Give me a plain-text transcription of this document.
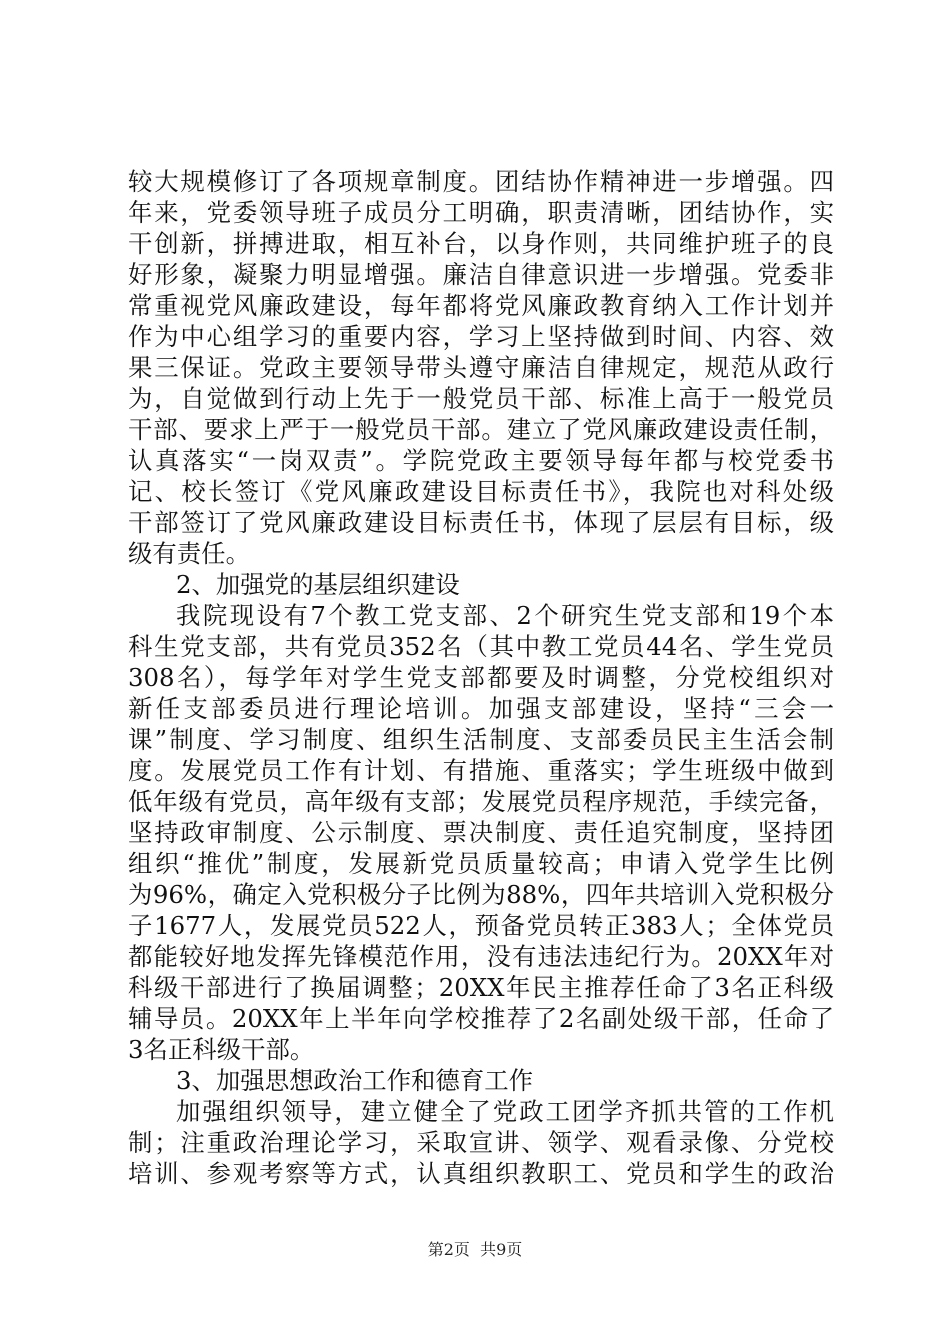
较大规模修订了各项规章制度。团结协作精神进一步增强。四
年来，党委领导班子成员分工明确，职责清晰，团结协作，实
干创新，拼搏进取，相互补台，以身作则，共同维护班子的良
好形象，凝聚力明显增强。廉洁自律意识进一步增强。党委非
常重视党风廉政建设，每年都将党风廉政教育纳入工作计划并
作为中心组学习的重要内容，学习上坚持做到时间、内容、效
果三保证。党政主要领导带头遵守廉洁自律规定，规范从政行
为，自觉做到行动上先于一般党员干部、标准上高于一般党员
干部、要求上严于一般党员干部。建立了党风廉政建设责任制，
认真落实“一岗双责”。学院党政主要领导每年都与校党委书
记、校长签订《党风廉政建设目标责任书》，我院也对科处级
干部签订了党风廉政建设目标责任书，体现了层层有目标，级
级有责任。
2、加强党的基层组织建设
我院现设有7个教工党支部、2个研究生党支部和19个本
科生党支部，共有党员352名（其中教工党员44名、学生党员
308名），每学年对学生党支部都要及时调整，分党校组织对
新任支部委员进行理论培训。加强支部建设，坚持“三会一
课”制度、学习制度、组织生活制度、支部委员民主生活会制
度。发展党员工作有计划、有措施、重落实；学生班级中做到
低年级有党员，高年级有支部；发展党员程序规范，手续完备，
坚持政审制度、公示制度、票决制度、责任追究制度，坚持团
组织“推优”制度，发展新党员质量较高；申请入党学生比例
为96%，确定入党积极分子比例为88%，四年共培训入党积极分
子1677人，发展党员522人，预备党员转正383人；全体党员
都能较好地发挥先锋模范作用，没有违法违纪行为。20XX年对
科级干部进行了换届调整；20XX年民主推荐任命了3名正科级
辅导员。20XX年上半年向学校推荐了2名副处级干部，任命了
3名正科级干部。
3、加强思想政治工作和德育工作
加强组织领导，建立健全了党政工团学齐抓共管的工作机
制；注重政治理论学习，采取宣讲、领学、观看录像、分党校
培训、参观考察等方式，认真组织教职工、党员和学生的政治
第2页  共9页
